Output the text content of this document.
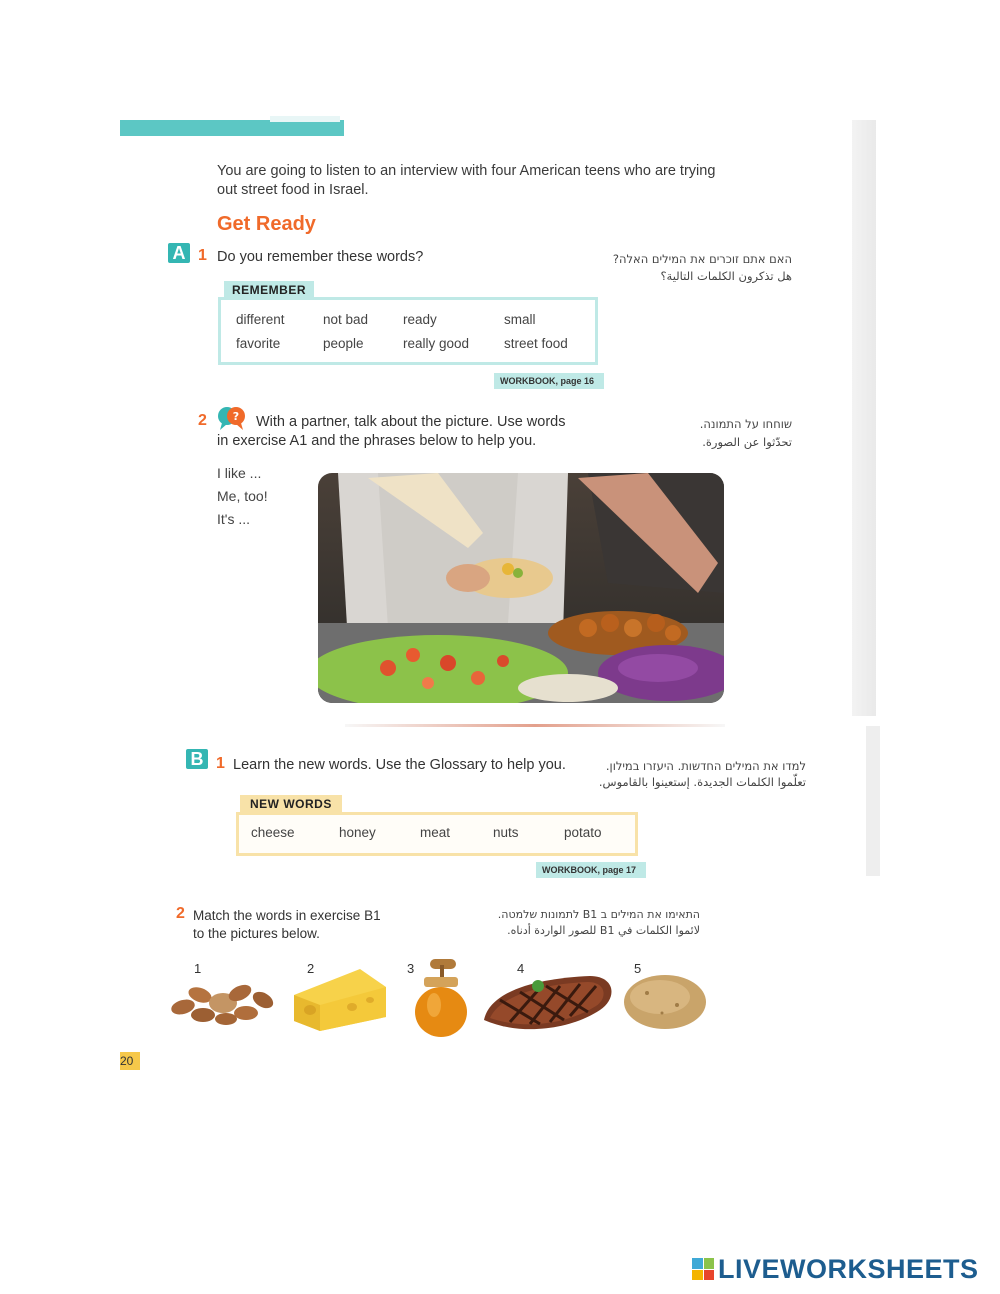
You are going to listen to an interview with four American teens who are trying out street food in Israel.
Get Ready
A 1 Do you remember these words?	האם אתם זוכרים את המילים האלה?
هل تذكرون الكلمات التالية؟
REMEMBER
different	not bad	ready	small
favorite	people	really good	street food
WORKBOOK, page 16
2 ? With a partner, talk about the picture. Use words
in exercise A1 and the phrases below to help you.
שוחחו על התמונה.
تحدّثوا عن الصورة.
I like ...
Me, too!
It's ...
B 1 Learn the new words. Use the Glossary to help you.	למדו את המילים החדשות. היעזרו במילון.
تعلّموا الكلمات الجديدة. إستعينوا بالقاموس.
NEW WORDS
cheese	honey	meat	nuts	potato
WORKBOOK, page 17
2 Match the words in exercise B1
to the pictures below.
התאימו את המילים ב B1 לתמונות שלמטה.
لائموا الكلمات في B1 للصور الواردة أدناه.
1	2	3	4	5
20
LIVEWORKSHEETS
